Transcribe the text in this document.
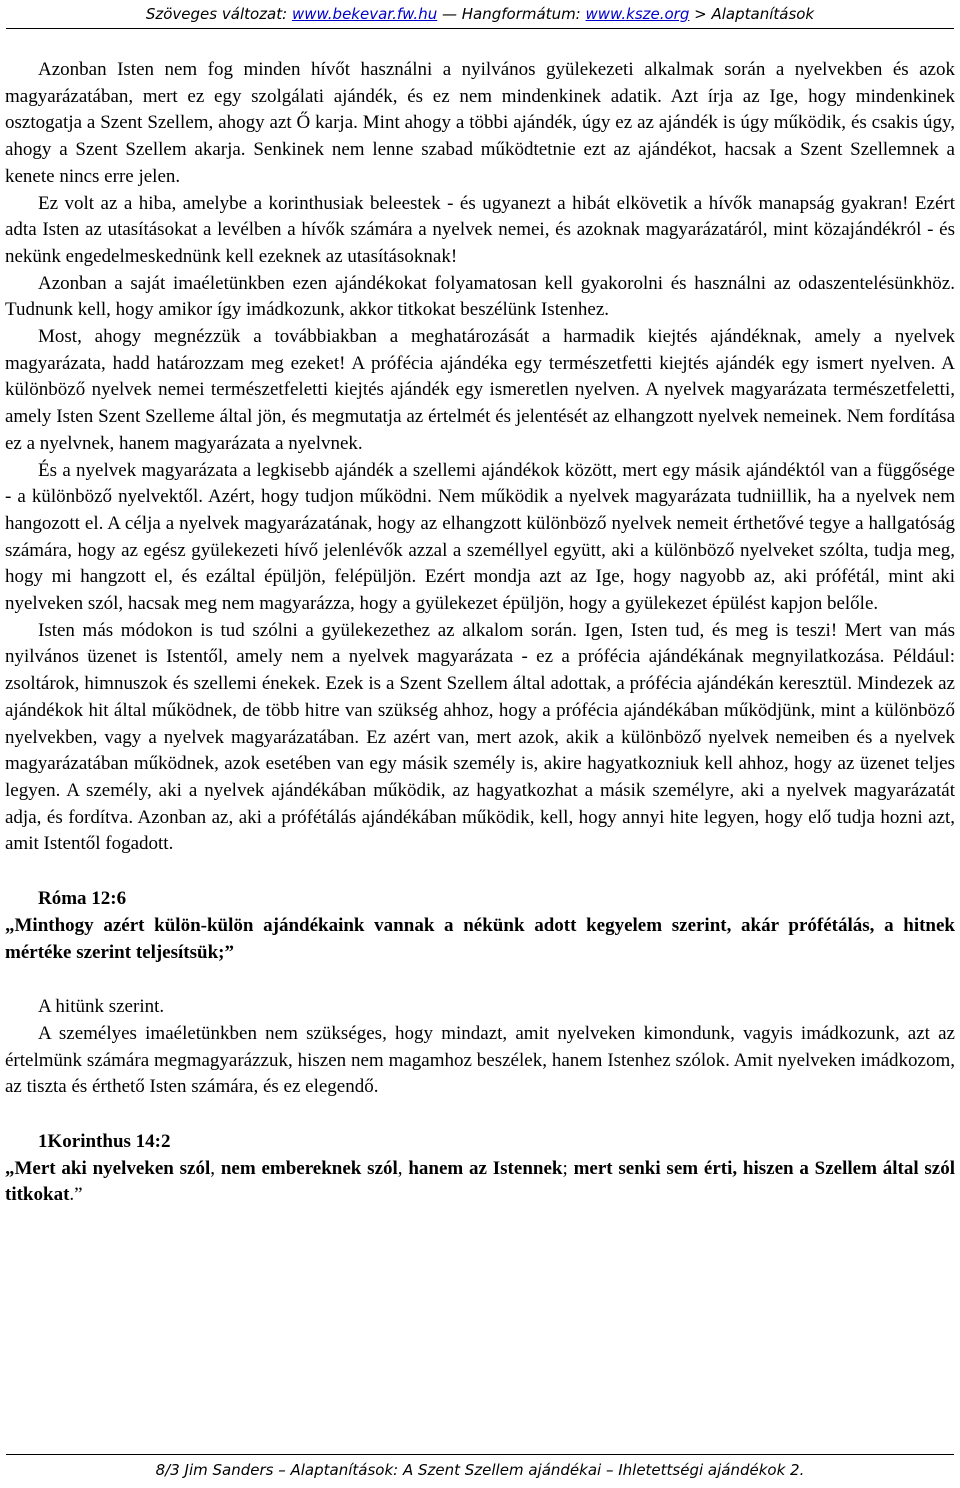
Szöveges változat: www.bekevar.fw.hu — Hangformátum: www.ksze.org > Alaptanítások

Azonban Isten nem fog minden hívőt használni a nyilvános gyülekezeti alkalmak során a nyelvekben és azok magyarázatában, mert ez egy szolgálati ajándék, és ez nem mindenkinek adatik. Azt írja az Ige, hogy mindenkinek osztogatja a Szent Szellem, ahogy azt Ő karja. Mint ahogy a többi ajándék, úgy ez az ajándék is úgy működik, és csakis úgy, ahogy a Szent Szellem akarja. Senkinek nem lenne szabad működtetnie ezt az ajándékot, hacsak a Szent Szellemnek a kenete nincs erre jelen.

Ez volt az a hiba, amelybe a korinthusiak beleestek - és ugyanezt a hibát elkövetik a hívők manapság gyakran! Ezért adta Isten az utasításokat a levélben a hívők számára a nyelvek nemei, és azoknak magyarázatáról, mint közajándékról - és nekünk engedelmeskednünk kell ezeknek az utasításoknak!

Azonban a saját imaéletünkben ezen ajándékokat folyamatosan kell gyakorolni és használni az odaszentelésünkhöz. Tudnunk kell, hogy amikor így imádkozunk, akkor titkokat beszélünk Istenhez.

Most, ahogy megnézzük a továbbiakban a meghatározását a harmadik kiejtés ajándéknak, amely a nyelvek magyarázata, hadd határozzam meg ezeket! A prófécia ajándéka egy természetfetti kiejtés ajándék egy ismert nyelven. A különböző nyelvek nemei természetfeletti kiejtés ajándék egy ismeretlen nyelven. A nyelvek magyarázata természetfeletti, amely Isten Szent Szelleme által jön, és megmutatja az értelmét és jelentését az elhangzott nyelvek nemeinek. Nem fordítása ez a nyelvnek, hanem magyarázata a nyelvnek.

És a nyelvek magyarázata a legkisebb ajándék a szellemi ajándékok között, mert egy másik ajándéktól van a függősége - a különböző nyelvektől. Azért, hogy tudjon működni. Nem működik a nyelvek magyarázata tudniillik, ha a nyelvek nem hangozott el. A célja a nyelvek magyarázatának, hogy az elhangzott különböző nyelvek nemeit érthetővé tegye a hallgatóság számára, hogy az egész gyülekezeti hívő jelenlévők azzal a személlyel együtt, aki a különböző nyelveket szólta, tudja meg, hogy mi hangzott el, és ezáltal épüljön, felépüljön. Ezért mondja azt az Ige, hogy nagyobb az, aki prófétál, mint aki nyelveken szól, hacsak meg nem magyarázza, hogy a gyülekezet épüljön, hogy a gyülekezet épülést kapjon belőle.

Isten más módokon is tud szólni a gyülekezethez az alkalom során. Igen, Isten tud, és meg is teszi! Mert van más nyilvános üzenet is Istentől, amely nem a nyelvek magyarázata - ez a prófécia ajándékának megnyilatkozása. Például: zsoltárok, himnuszok és szellemi énekek. Ezek is a Szent Szellem által adottak, a prófécia ajándékán keresztül. Mindezek az ajándékok hit által működnek, de több hitre van szükség ahhoz, hogy a prófécia ajándékában működjünk, mint a különböző nyelvekben, vagy a nyelvek magyarázatában. Ez azért van, mert azok, akik a különböző nyelvek nemeiben és a nyelvek magyarázatában működnek, azok esetében van egy másik személy is, akire hagyatkozniuk kell ahhoz, hogy az üzenet teljes legyen. A személy, aki a nyelvek ajándékában működik, az hagyatkozhat a másik személyre, aki a nyelvek magyarázatát adja, és fordítva. Azonban az, aki a prófétálás ajándékában működik, kell, hogy annyi hite legyen, hogy elő tudja hozni azt, amit Istentől fogadott.

Róma 12:6

„Minthogy azért külön-külön ajándékaink vannak a nékünk adott kegyelem szerint, akár prófétálás, a hitnek mértéke szerint teljesítsük;”

A hitünk szerint.

A személyes imaéletünkben nem szükséges, hogy mindazt, amit nyelveken kimondunk, vagyis imádkozunk, azt az értelmünk számára megmagyarázzuk, hiszen nem magamhoz beszélek, hanem Istenhez szólok. Amit nyelveken imádkozom, az tiszta és érthető Isten számára, és ez elegendő.

1Korinthus 14:2

„Mert aki nyelveken szól, nem embereknek szól, hanem az Istennek; mert senki sem érti, hiszen a Szellem által szól titkokat.”

8/3 Jim Sanders – Alaptanítások: A Szent Szellem ajándékai – Ihletettségi ajándékok 2.
